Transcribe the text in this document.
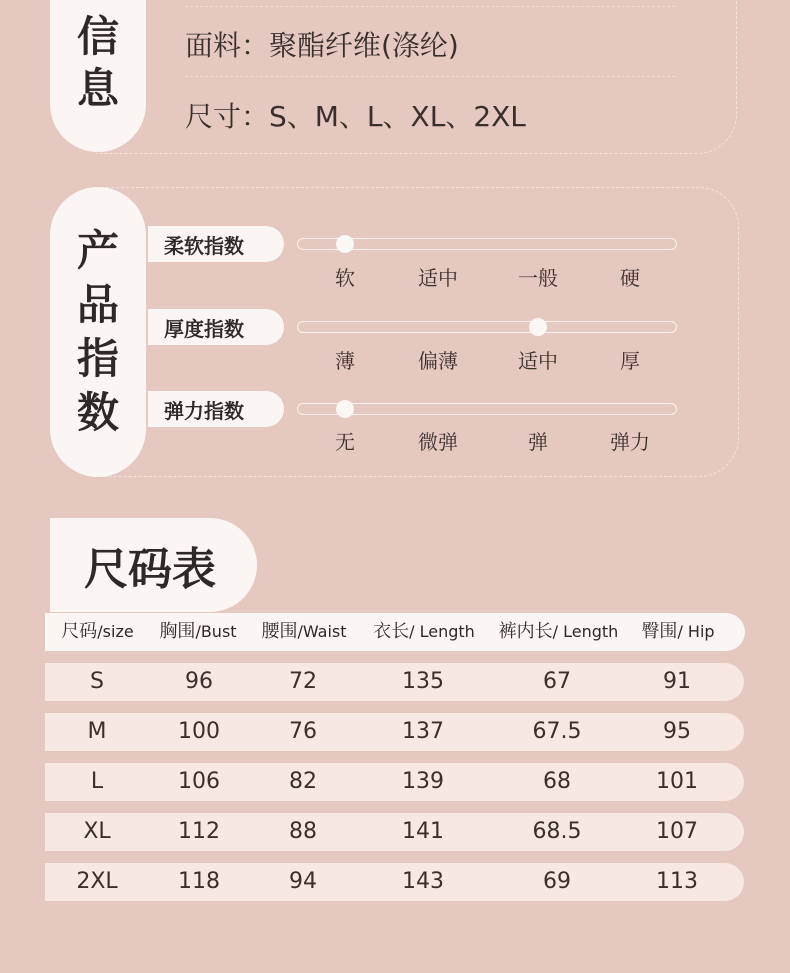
信
息
面料：聚酯纤维(涤纶)
尺寸：S、M、L、XL、2XL
产
品
指
数
柔软指数
软	适中	一般	硬
厚度指数
薄	偏薄	适中	厚
弹力指数
无	微弹	弹	弹力
尺码表
尺码/size	胸围/Bust	腰围/Waist	衣长/ Length	裤内长/ Length	臀围/ Hip
S	96	72	135	67	91
M	100	76	137	67.5	95
L	106	82	139	68	101
XL	112	88	141	68.5	107
2XL	118	94	143	69	113
